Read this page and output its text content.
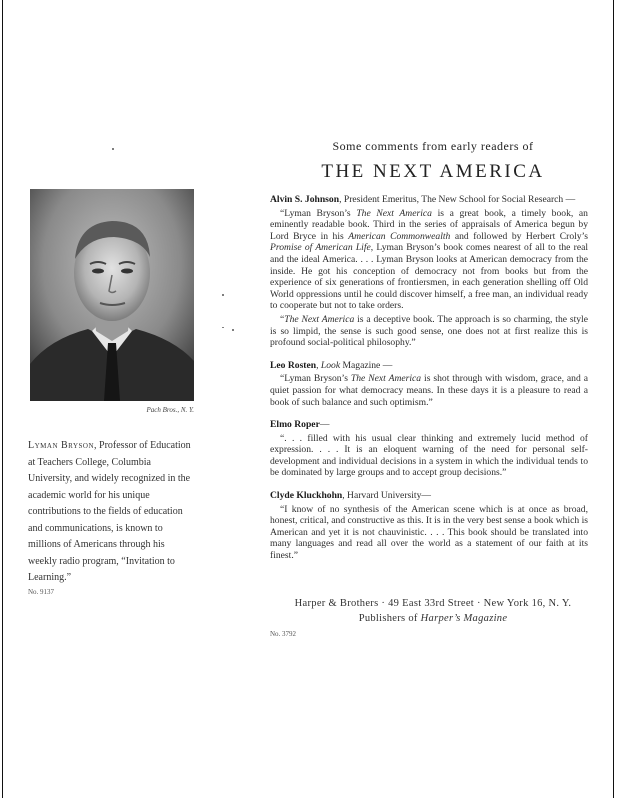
Pach Bros., N. Y.
Lyman Bryson, Professor of Education at Teachers College, Columbia University, and widely recognized in the academic world for his unique contributions to the fields of education and communications, is known to millions of Americans through his weekly radio program, “Invitation to Learning.”
No. 9137
Some comments from early readers of
THE NEXT AMERICA

Alvin S. Johnson, President Emeritus, The New School for Social Research —

“Lyman Bryson’s The Next America is a great book, a timely book, an eminently readable book. Third in the series of appraisals of America begun by Lord Bryce in his American Commonwealth and followed by Herbert Croly’s Promise of American Life, Lyman Bryson’s book comes nearest of all to the real and the ideal America. . . . Lyman Bryson looks at American democracy from the inside. He got his conception of democracy not from books but from the experience of six generations of frontiersmen, in each generation shelling off Old World oppressions until he could discover himself, a free man, an individual ready to cooperate but not to take orders.

“The Next America is a deceptive book. The approach is so charming, the style is so limpid, the sense is such good sense, one does not at first realize this is profound social-political philosophy.”

Leo Rosten, Look Magazine —

“Lyman Bryson’s The Next America is shot through with wisdom, grace, and a quiet passion for what democracy means. In these days it is a pleasure to read a book of such balance and such optimism.”

Elmo Roper—

“. . . filled with his usual clear thinking and extremely lucid method of expression. . . . It is an eloquent warning of the need for personal self-development and individual decisions in a system in which the individual tends to be dominated by large groups and to accept group decisions.”

Clyde Kluckhohn, Harvard University—

“I know of no synthesis of the American scene which is at once as broad, honest, critical, and constructive as this. It is in the very best sense a book which is American and yet it is not chauvinistic. . . . This book should be translated into many languages and read all over the world as a statement of our faith at its finest.”

Harper & Brothers · 49 East 33rd Street · New York 16, N. Y.
Publishers of Harper’s Magazine
No. 3792
